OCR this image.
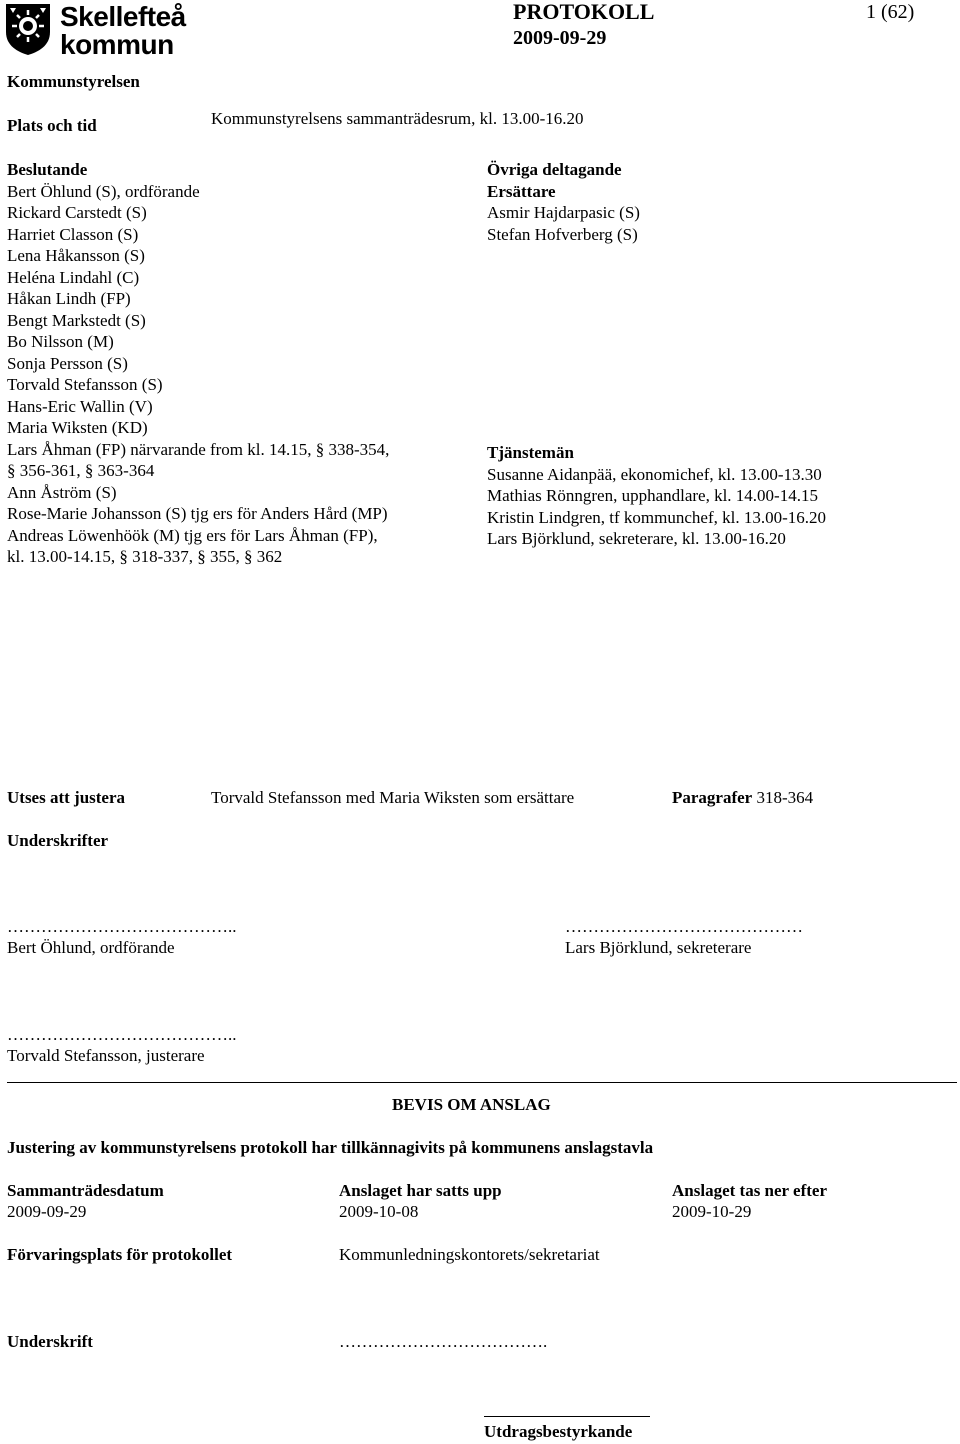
Skellefteå
kommun
PROTOKOLL
2009-09-29
1 (62)
Kommunstyrelsen
Plats och tid	Kommunstyrelsens sammanträdesrum, kl. 13.00-16.20
Beslutande
Bert Öhlund (S), ordförande
Rickard Carstedt (S)
Harriet Classon (S)
Lena Håkansson (S)
Heléna Lindahl (C)
Håkan Lindh (FP)
Bengt Markstedt (S)
Bo Nilsson (M)
Sonja Persson (S)
Torvald Stefansson (S)
Hans-Eric Wallin (V)
Maria Wiksten (KD)
Lars Åhman (FP) närvarande from kl. 14.15, § 338-354,
§ 356-361, § 363-364
Ann Åström (S)
Rose-Marie Johansson (S) tjg ers för Anders Hård (MP)
Andreas Löwenhöök (M) tjg ers för Lars Åhman (FP),
kl. 13.00-14.15, § 318-337, § 355, § 362
Övriga deltagande
Ersättare
Asmir Hajdarpasic (S)
Stefan Hofverberg (S)
Tjänstemän
Susanne Aidanpää, ekonomichef, kl. 13.00-13.30
Mathias Rönngren, upphandlare, kl. 14.00-14.15
Kristin Lindgren, tf kommunchef, kl. 13.00-16.20
Lars Björklund, sekreterare, kl. 13.00-16.20
Utses att justera	Torvald Stefansson med Maria Wiksten som ersättare	Paragrafer 318-364
Underskrifter
…………………………………..
Bert Öhlund, ordförande
……………………………………
Lars Björklund, sekreterare
…………………………………..
Torvald Stefansson, justerare
BEVIS OM ANSLAG
Justering av kommunstyrelsens protokoll har tillkännagivits på kommunens anslagstavla
Sammanträdesdatum
2009-09-29
Anslaget har satts upp
2009-10-08
Anslaget tas ner efter
2009-10-29
Förvaringsplats för protokollet	Kommunledningskontorets/sekretariat
Underskrift	……………………………….
Utdragsbestyrkande
